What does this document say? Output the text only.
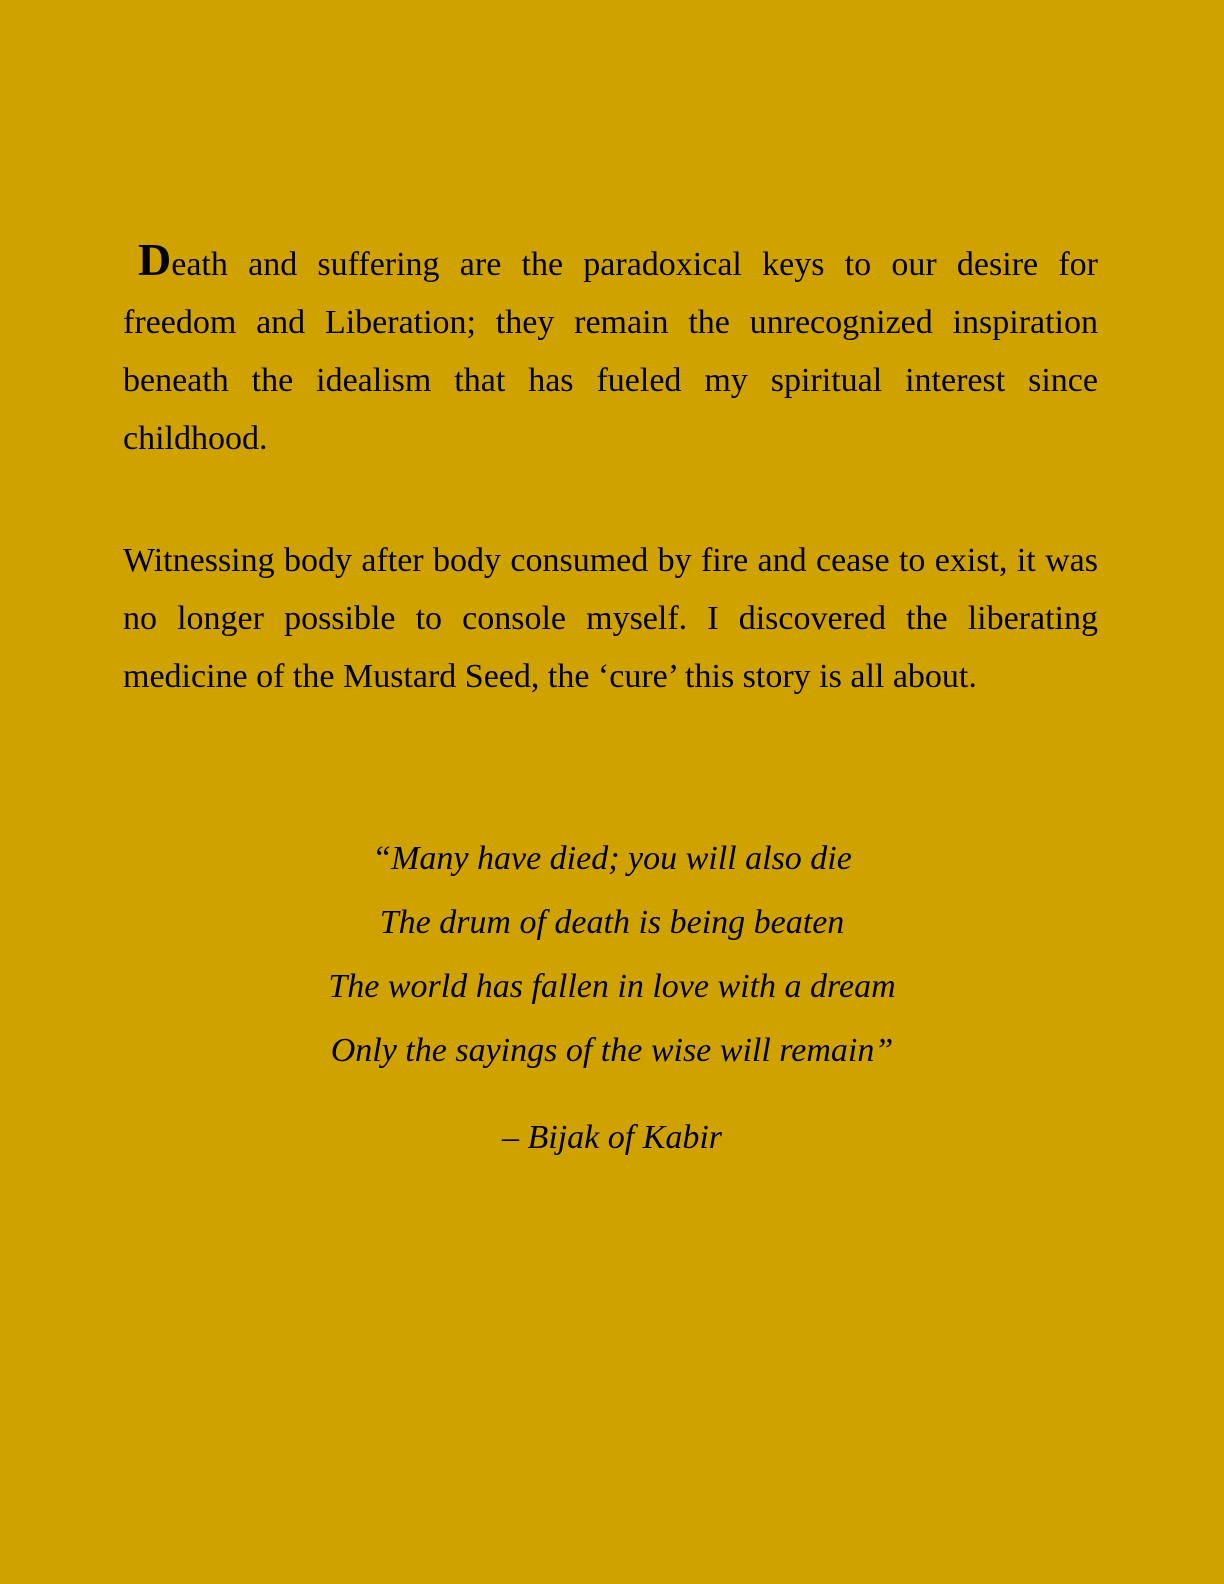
Death and suffering are the paradoxical keys to our desire for freedom and Liberation; they remain the unrecognized inspiration beneath the idealism that has fueled my spiritual interest since childhood.
Witnessing body after body consumed by fire and cease to exist, it was no longer possible to console myself. I discovered the liberating medicine of the Mustard Seed, the ‘cure’ this story is all about.
“Many have died; you will also die
The drum of death is being beaten
The world has fallen in love with a dream
Only the sayings of the wise will remain”
– Bijak of Kabir
